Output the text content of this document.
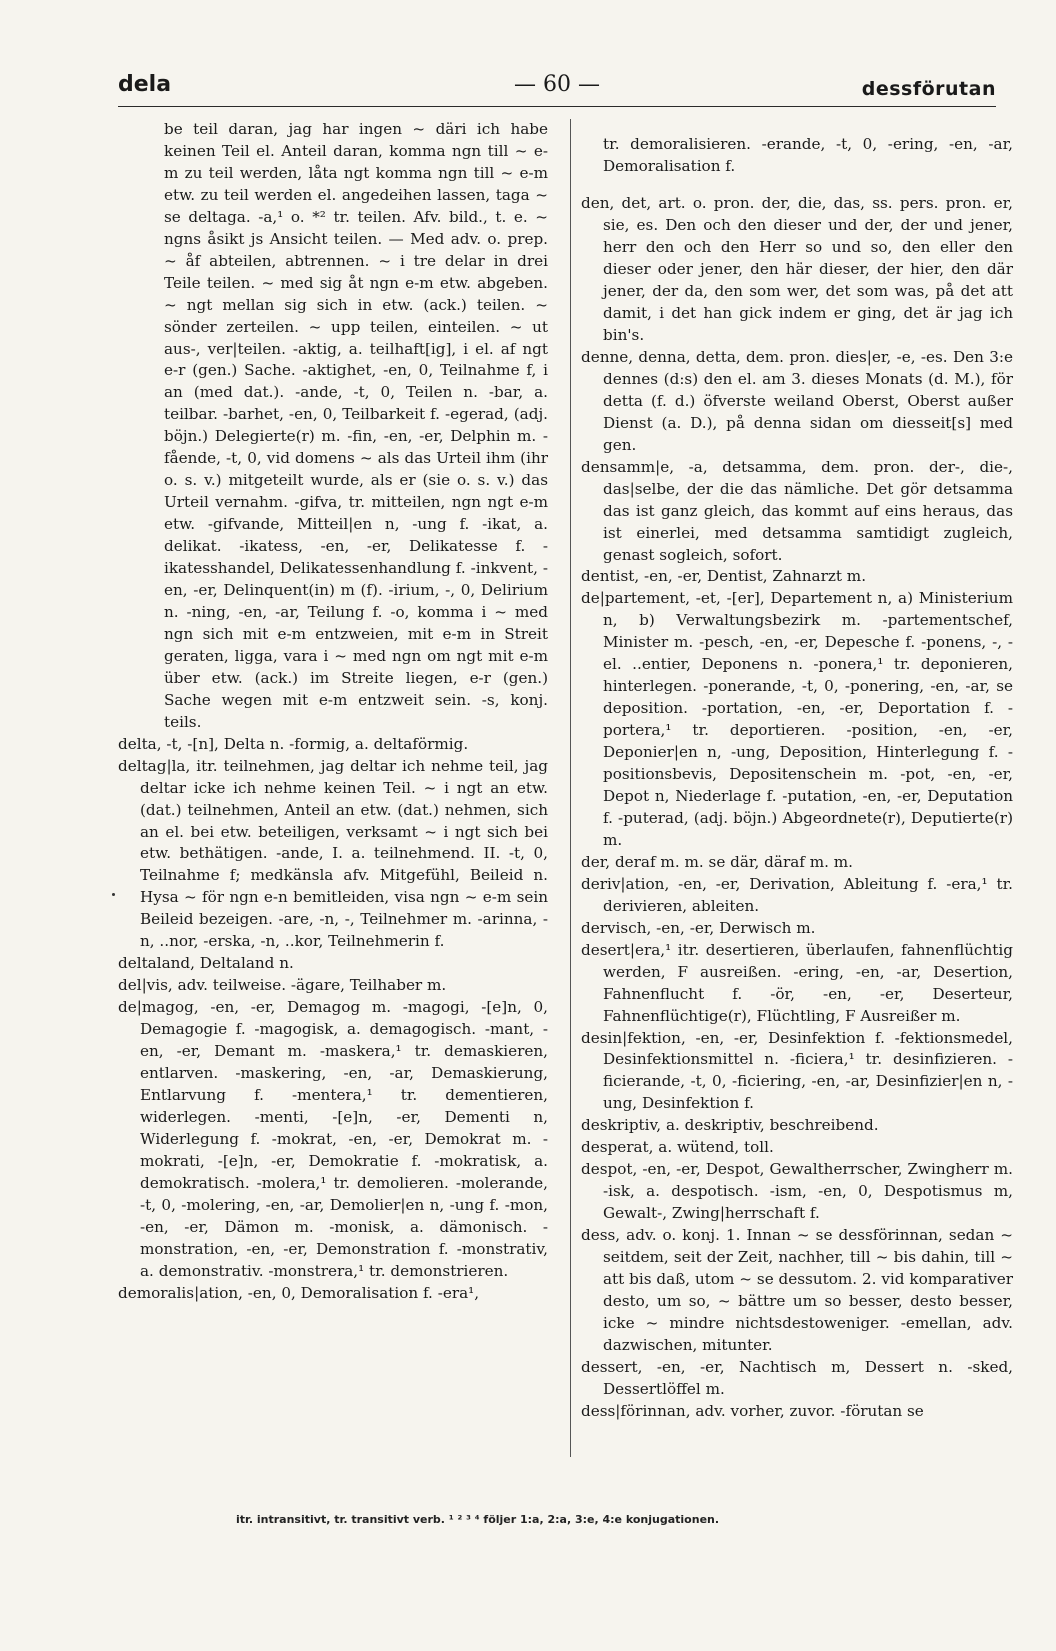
dela	— 60 —	dessförutan

be teil daran, jag har ingen ~ däri ich habe keinen Teil el. Anteil daran, komma ngn till ~ e-m zu teil werden, låta ngt komma ngn till ~ e-m etw. zu teil werden el. angedeihen lassen, taga ~ se deltaga. -a,¹ o. *² tr. teilen. Afv. bild., t. e. ~ ngns åsikt js Ansicht teilen. — Med adv. o. prep. ~ åf abteilen, abtrennen. ~ i tre delar in drei Teile teilen. ~ med sig åt ngn e-m etw. abgeben. ~ ngt mellan sig sich in etw. (ack.) teilen. ~ sönder zerteilen. ~ upp teilen, einteilen. ~ ut aus-, ver|teilen. -aktig, a. teilhaft[ig], i el. af ngt e-r (gen.) Sache. -aktighet, -en, 0, Teilnahme f, i an (med dat.). -ande, -t, 0, Teilen n. -bar, a. teilbar. -barhet, -en, 0, Teilbarkeit f. -egerad, (adj. böjn.) Delegierte(r) m. -fin, -en, -er, Delphin m. -fående, -t, 0, vid domens ~ als das Urteil ihm (ihr o. s. v.) mitgeteilt wurde, als er (sie o. s. v.) das Urteil vernahm. -gifva, tr. mitteilen, ngn ngt e-m etw. -gifvande, Mitteil|en n, -ung f. -ikat, a. delikat. -ikatess, -en, -er, Delikatesse f. -ikatesshandel, Delikatessenhandlung f. -inkvent, -en, -er, Delinquent(in) m (f). -irium, -, 0, Delirium n. -ning, -en, -ar, Teilung f. -o, komma i ~ med ngn sich mit e-m entzweien, mit e-m in Streit geraten, ligga, vara i ~ med ngn om ngt mit e-m über etw. (ack.) im Streite liegen, e-r (gen.) Sache wegen mit e-m entzweit sein. -s, konj. teils.

delta, -t, -[n], Delta n. -formig, a. deltaförmig.

deltag|la, itr. teilnehmen, jag deltar ich nehme teil, jag deltar icke ich nehme keinen Teil. ~ i ngt an etw. (dat.) teilnehmen, Anteil an etw. (dat.) nehmen, sich an el. bei etw. beteiligen, verksamt ~ i ngt sich bei etw. bethätigen. -ande, I. a. teilnehmend. II. -t, 0, Teilnahme f; medkänsla afv. Mitgefühl, Beileid n. Hysa ~ för ngn e-n bemitleiden, visa ngn ~ e-m sein Beileid bezeigen. -are, -n, -, Teilnehmer m. -arinna, -n, ..nor, -erska, -n, ..kor, Teilnehmerin f.

deltaland, Deltaland n.

del|vis, adv. teilweise. -ägare, Teilhaber m.

de|magog, -en, -er, Demagog m. -magogi, -[e]n, 0, Demagogie f. -magogisk, a. demagogisch. -mant, -en, -er, Demant m. -maskera,¹ tr. demaskieren, entlarven. -maskering, -en, -ar, Demaskierung, Entlarvung f. -mentera,¹ tr. dementieren, widerlegen. -menti, -[e]n, -er, Dementi n, Widerlegung f. -mokrat, -en, -er, Demokrat m. -mokrati, -[e]n, -er, Demokratie f. -mokratisk, a. demokratisch. -molera,¹ tr. demolieren. -molerande, -t, 0, -molering, -en, -ar, Demolier|en n, -ung f. -mon, -en, -er, Dämon m. -monisk, a. dämonisch. -monstration, -en, -er, Demonstration f. -monstrativ, a. demonstrativ. -monstrera,¹ tr. demonstrieren.

demoralis|ation, -en, 0, Demoralisation f. -era¹,

tr. demoralisieren. -erande, -t, 0, -ering, -en, -ar, Demoralisation f.

den, det, art. o. pron. der, die, das, ss. pers. pron. er, sie, es. Den och den dieser und der, der und jener, herr den och den Herr so und so, den eller den dieser oder jener, den här dieser, der hier, den där jener, der da, den som wer, det som was, på det att damit, i det han gick indem er ging, det är jag ich bin's.

denne, denna, detta, dem. pron. dies|er, -e, -es. Den 3:e dennes (d:s) den el. am 3. dieses Monats (d. M.), för detta (f. d.) öfverste weiland Oberst, Oberst außer Dienst (a. D.), på denna sidan om diesseit[s] med gen.

densamm|e, -a, detsamma, dem. pron. der-, die-, das|selbe, der die das nämliche. Det gör detsamma das ist ganz gleich, das kommt auf eins heraus, das ist einerlei, med detsamma samtidigt zugleich, genast sogleich, sofort.

dentist, -en, -er, Dentist, Zahnarzt m.

de|partement, -et, -[er], Departement n, a) Ministerium n, b) Verwaltungsbezirk m. -partementschef, Minister m. -pesch, -en, -er, Depesche f. -ponens, -, - el. ..entier, Deponens n. -ponera,¹ tr. deponieren, hinterlegen. -ponerande, -t, 0, -ponering, -en, -ar, se deposition. -portation, -en, -er, Deportation f. -portera,¹ tr. deportieren. -position, -en, -er, Deponier|en n, -ung, Deposition, Hinterlegung f. -positionsbevis, Depositenschein m. -pot, -en, -er, Depot n, Niederlage f. -putation, -en, -er, Deputation f. -puterad, (adj. böjn.) Abgeordnete(r), Deputierte(r) m.

der, deraf m. m. se där, däraf m. m.

deriv|ation, -en, -er, Derivation, Ableitung f. -era,¹ tr. derivieren, ableiten.

dervisch, -en, -er, Derwisch m.

desert|era,¹ itr. desertieren, überlaufen, fahnenflüchtig werden, F ausreißen. -ering, -en, -ar, Desertion, Fahnenflucht f. -ör, -en, -er, Deserteur, Fahnenflüchtige(r), Flüchtling, F Ausreißer m.

desin|fektion, -en, -er, Desinfektion f. -fektionsmedel, Desinfektionsmittel n. -ficiera,¹ tr. desinfizieren. -ficierande, -t, 0, -ficiering, -en, -ar, Desinfizier|en n, -ung, Desinfektion f.

deskriptiv, a. deskriptiv, beschreibend.

desperat, a. wütend, toll.

despot, -en, -er, Despot, Gewaltherrscher, Zwingherr m. -isk, a. despotisch. -ism, -en, 0, Despotismus m, Gewalt-, Zwing|herrschaft f.

dess, adv. o. konj. 1. Innan ~ se dessförinnan, sedan ~ seitdem, seit der Zeit, nachher, till ~ bis dahin, till ~ att bis daß, utom ~ se dessutom. 2. vid komparativer desto, um so, ~ bättre um so besser, desto besser, icke ~ mindre nichtsdestoweniger. -emellan, adv. dazwischen, mitunter.

dessert, -en, -er, Nachtisch m, Dessert n. -sked, Dessertlöffel m.

dess|förinnan, adv. vorher, zuvor. -förutan se

itr. intransitivt, tr. transitivt verb. ¹ ² ³ ⁴ följer 1:a, 2:a, 3:e, 4:e konjugationen.
